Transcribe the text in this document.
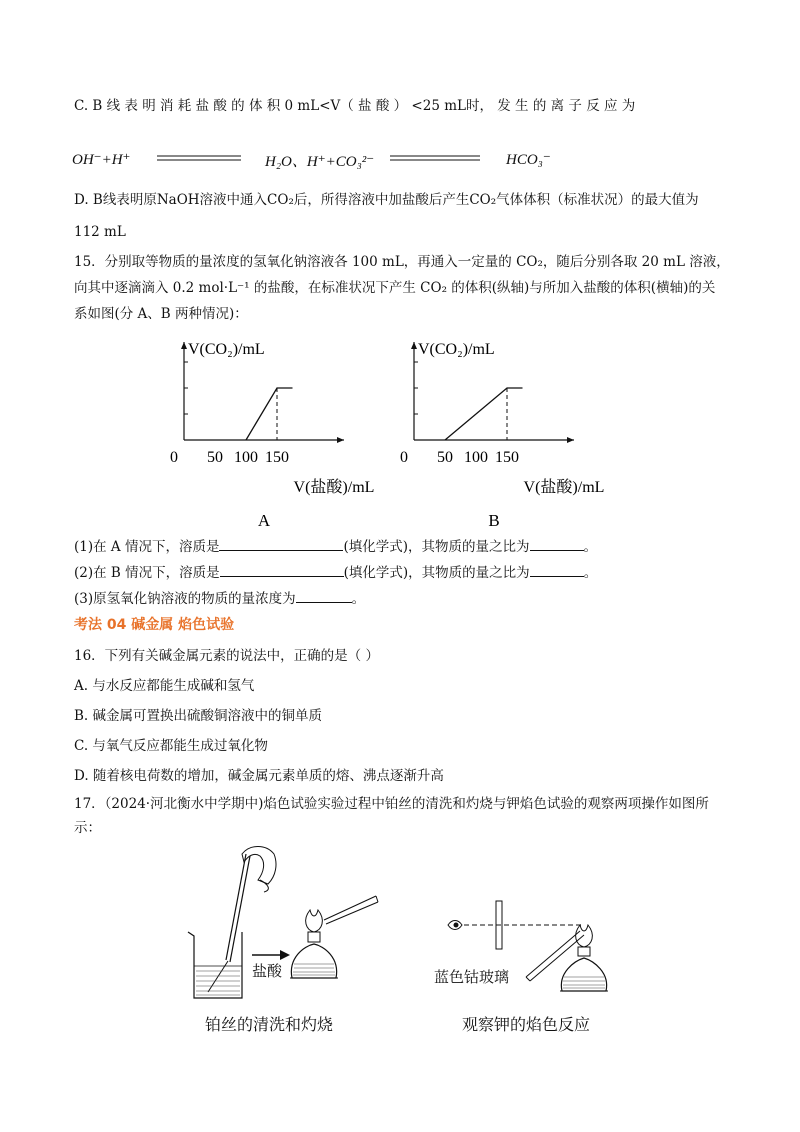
C. B 线 表 明 消 耗 盐 酸 的 体 积 0 mL<V（ 盐 酸 ） <25 mL时， 发 生 的 离 子 反 应 为
OH⁻+H⁺	H₂O、H⁺+CO₃²⁻	HCO₃⁻
D. B线表明原NaOH溶液中通入CO₂后，所得溶液中加盐酸后产生CO₂气体体积（标准状况）的最大值为
112 mL
15．分别取等物质的量浓度的氢氧化钠溶液各 100 mL，再通入一定量的 CO₂，随后分别各取 20 mL 溶液，
向其中逐滴滴入 0.2 mol·L⁻¹ 的盐酸，在标准状况下产生 CO₂ 的体积(纵轴)与所加入盐酸的体积(横轴)的关
系如图(分 A、B 两种情况)：
V(CO₂)/mL
0 50 100 150
V(盐酸)/mL
A
V(CO₂)/mL
0 50 100 150
V(盐酸)/mL
B
(1)在 A 情况下，溶质是	(填化学式)，其物质的量之比为	。
(2)在 B 情况下，溶质是	(填化学式)，其物质的量之比为	。
(3)原氢氧化钠溶液的物质的量浓度为	。
考法 04 碱金属 焰色试验
16．下列有关碱金属元素的说法中，正确的是（ ）
A. 与水反应都能生成碱和氢气
B. 碱金属可置换出硫酸铜溶液中的铜单质
C. 与氧气反应都能生成过氧化物
D. 随着核电荷数的增加，碱金属元素单质的熔、沸点逐渐升高
17．（2024·河北衡水中学期中)焰色试验实验过程中铂丝的清洗和灼烧与钾焰色试验的观察两项操作如图所
示：
盐酸
铂丝的清洗和灼烧
蓝色钴玻璃
观察钾的焰色反应
